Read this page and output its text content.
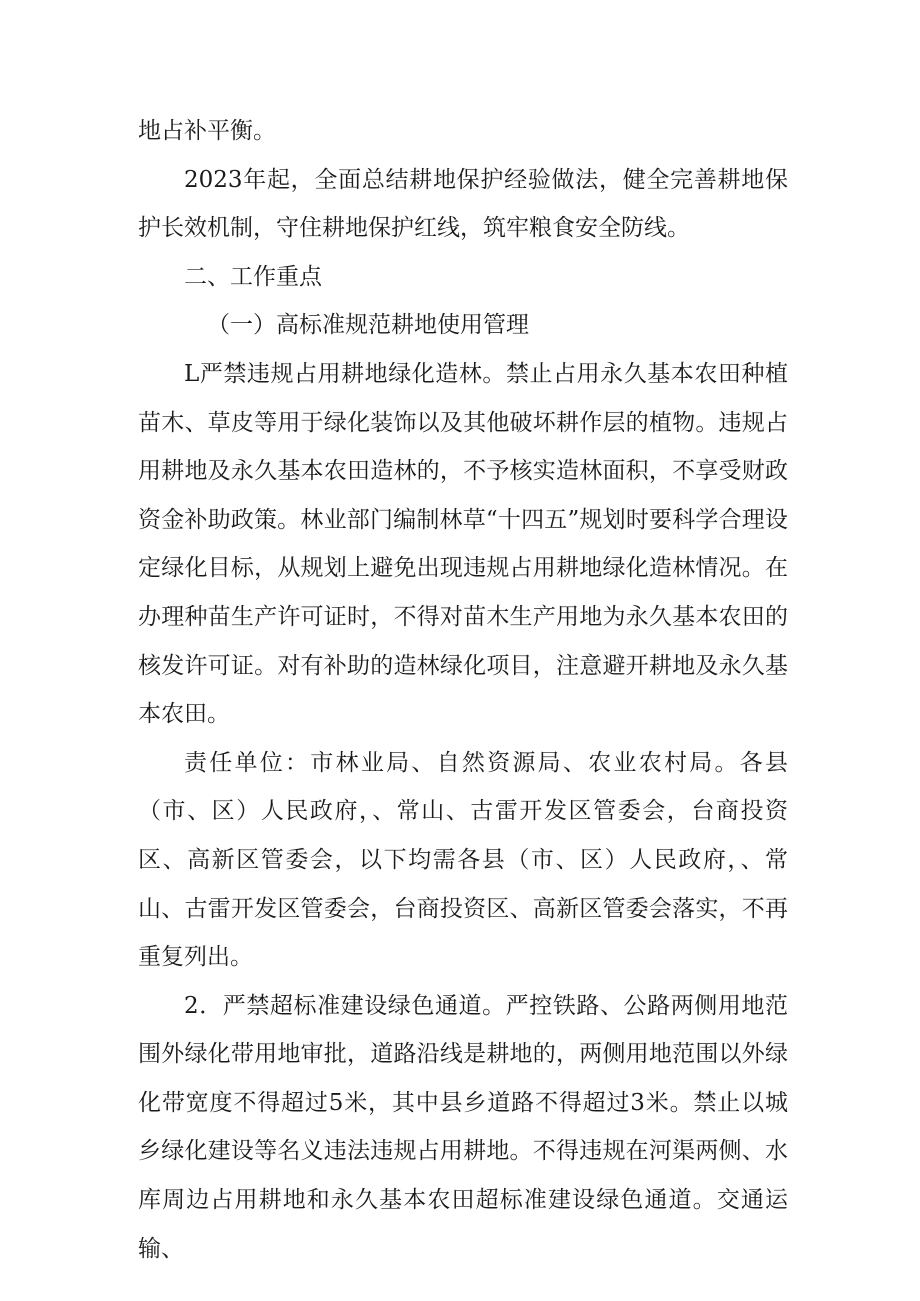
地占补平衡。

2023年起，全面总结耕地保护经验做法，健全完善耕地保护长效机制，守住耕地保护红线，筑牢粮食安全防线。

二、工作重点

（一）高标准规范耕地使用管理

L严禁违规占用耕地绿化造林。禁止占用永久基本农田种植苗木、草皮等用于绿化装饰以及其他破坏耕作层的植物。违规占用耕地及永久基本农田造林的，不予核实造林面积，不享受财政资金补助政策。林业部门编制林草“十四五”规划时要科学合理设定绿化目标，从规划上避免出现违规占用耕地绿化造林情况。在办理种苗生产许可证时，不得对苗木生产用地为永久基本农田的核发许可证。对有补助的造林绿化项目，注意避开耕地及永久基本农田。

责任单位：市林业局、自然资源局、农业农村局。各县（市、区）人民政府，、常山、古雷开发区管委会，台商投资区、高新区管委会，以下均需各县（市、区）人民政府，、常山、古雷开发区管委会，台商投资区、高新区管委会落实，不再重复列出。

2．严禁超标准建设绿色通道。严控铁路、公路两侧用地范围外绿化带用地审批，道路沿线是耕地的，两侧用地范围以外绿化带宽度不得超过5米，其中县乡道路不得超过3米。禁止以城乡绿化建设等名义违法违规占用耕地。不得违规在河渠两侧、水库周边占用耕地和永久基本农田超标准建设绿色通道。交通运输、
